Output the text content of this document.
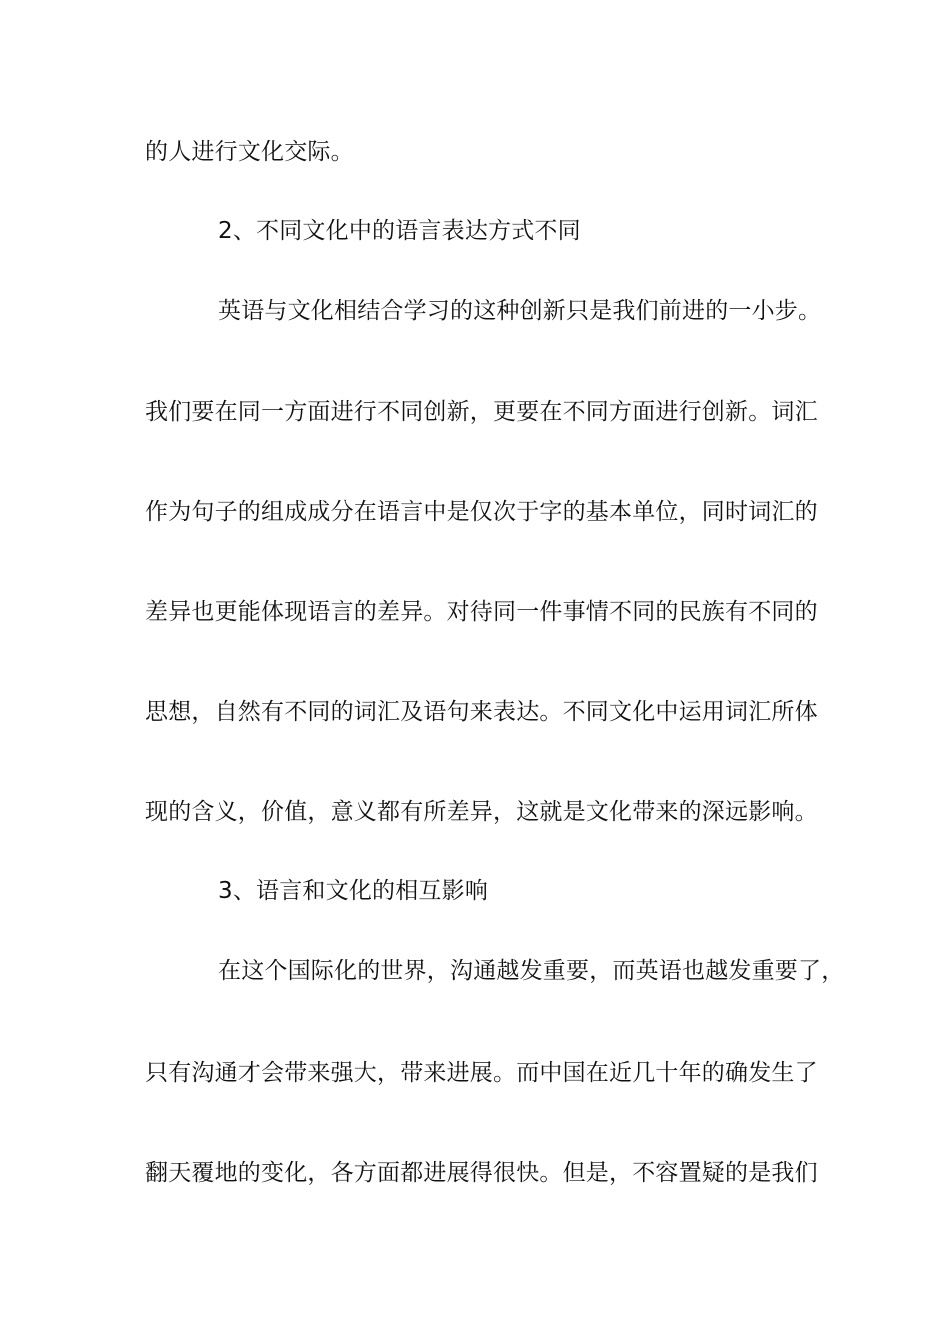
的人进行文化交际。
2、不同文化中的语言表达方式不同
英语与文化相结合学习的这种创新只是我们前进的一小步。
我们要在同一方面进行不同创新，更要在不同方面进行创新。词汇
作为句子的组成成分在语言中是仅次于字的基本单位，同时词汇的
差异也更能体现语言的差异。对待同一件事情不同的民族有不同的
思想，自然有不同的词汇及语句来表达。不同文化中运用词汇所体
现的含义，价值，意义都有所差异，这就是文化带来的深远影响。
3、语言和文化的相互影响
在这个国际化的世界，沟通越发重要，而英语也越发重要了，
只有沟通才会带来强大，带来进展。而中国在近几十年的确发生了
翻天覆地的变化，各方面都进展得很快。但是，不容置疑的是我们
